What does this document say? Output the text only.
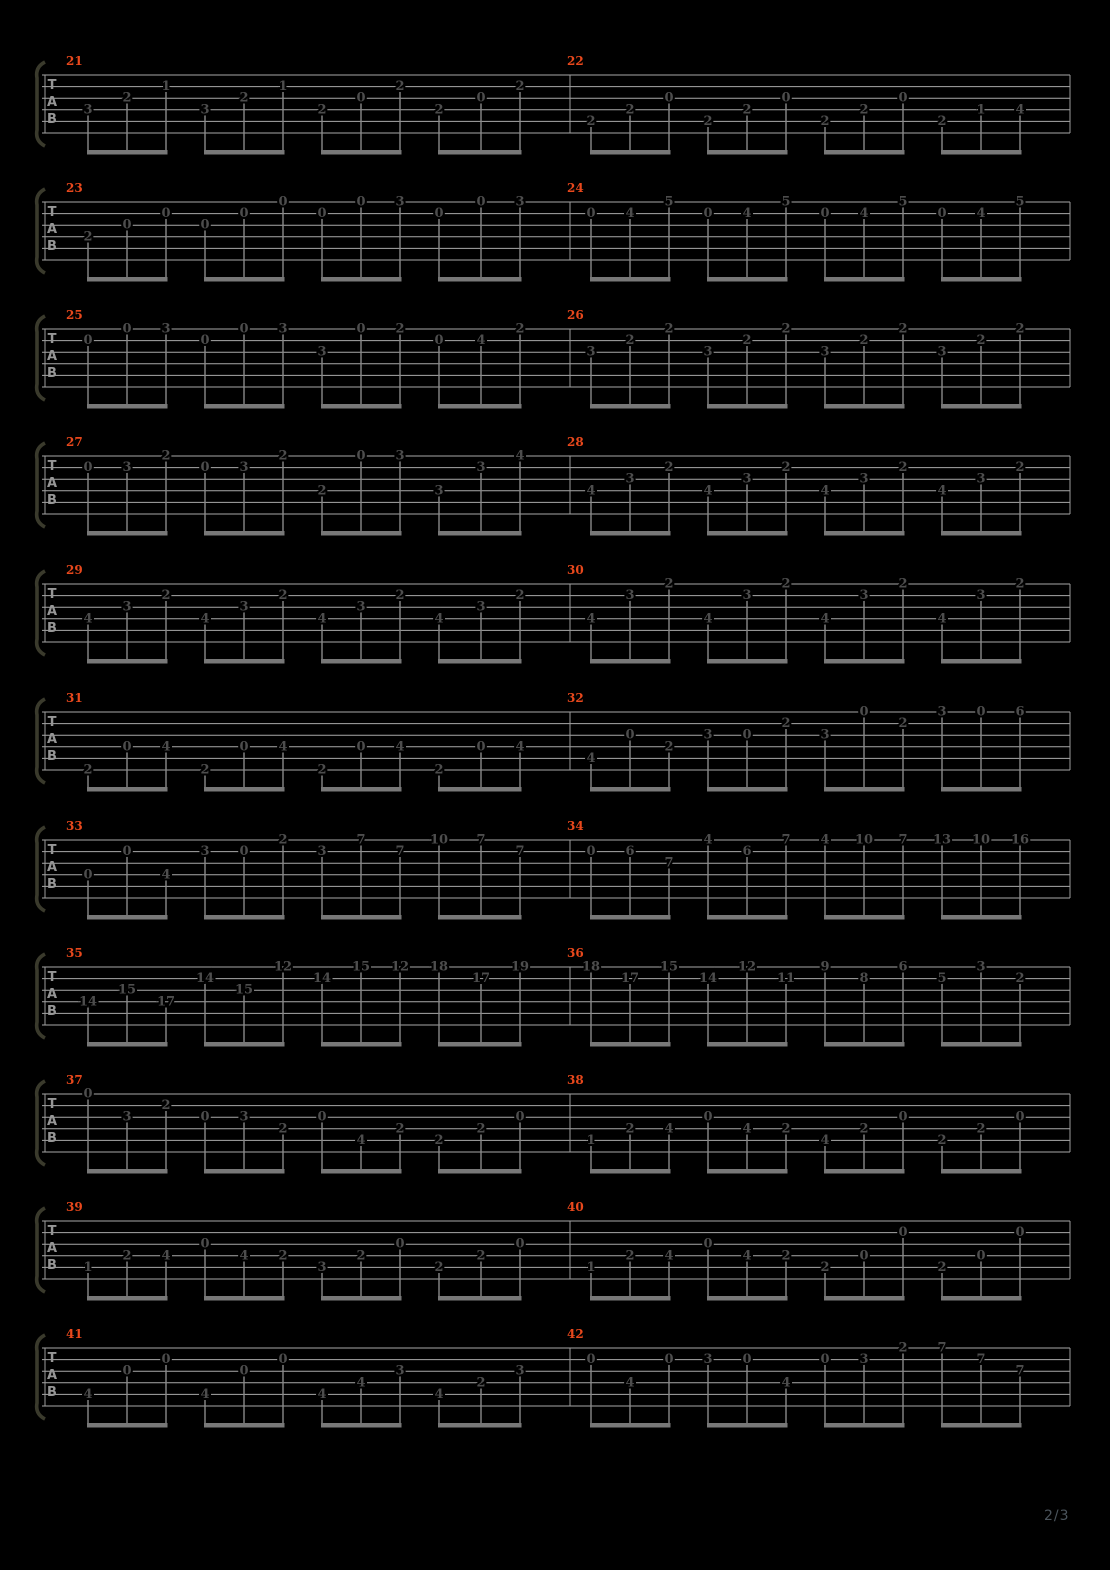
T
A
B
21
3
2
1
3
2
1
2
0
2
2
0
2
22
2
2
0
2
2
0
2
2
0
2
1 4
T
A
B
23
2
0
0
0
0
0
0
0 3
0
0 3
24
0 4
5
0 4
5
0 4
5
0 4
5
T
A
B
25
0
0 3
0
0 3
3
0 2
0	4
2
26
3
2
2
3
2
2
3
2
2
3
2
2
T
A
B
27
0 3
2
0 3
2
2
0 3
3
3
4
28
4
3
2
4
3
2
4
3
2
4
3
2
T
A
B
29
4
3
2
4
3
2
4
3
2
4
3
2
30
4
3
2
4
3
2
4
3
2
4
3
2
T
A
B
31
2
0 4
2
0 4
2
0 4
2
0 4
32
4
0
2
3 0
2
3
0
2
3 0 6
T
A
B
33
0
0
4
3 0
2
3
7
7
10 7
7
34
0 6
7
4
6
7 4 10 7 13 10 16
T
A
B
35
14
15
17
14
15
12
14
15 12 18
17
19
36
18
17
15
14
12
11
9
8
6
5
3
2
T
A
B
37
0
3
2
0 3
2
0
4
2
2
2
0
38
1
2 4
0
4 2
4
2
0
2
2
0
T
A
B
39
1
2 4
0
4 2
3
2
0
2
2
0
40
1
2 4
0
4 2
2
0
0
2
0
0
T
A
B
41
4
0
0
4
0
0
4
4
3
4
2
3
42
0
4
0 3 0
4
0 3
2 7
7
7
2/3
